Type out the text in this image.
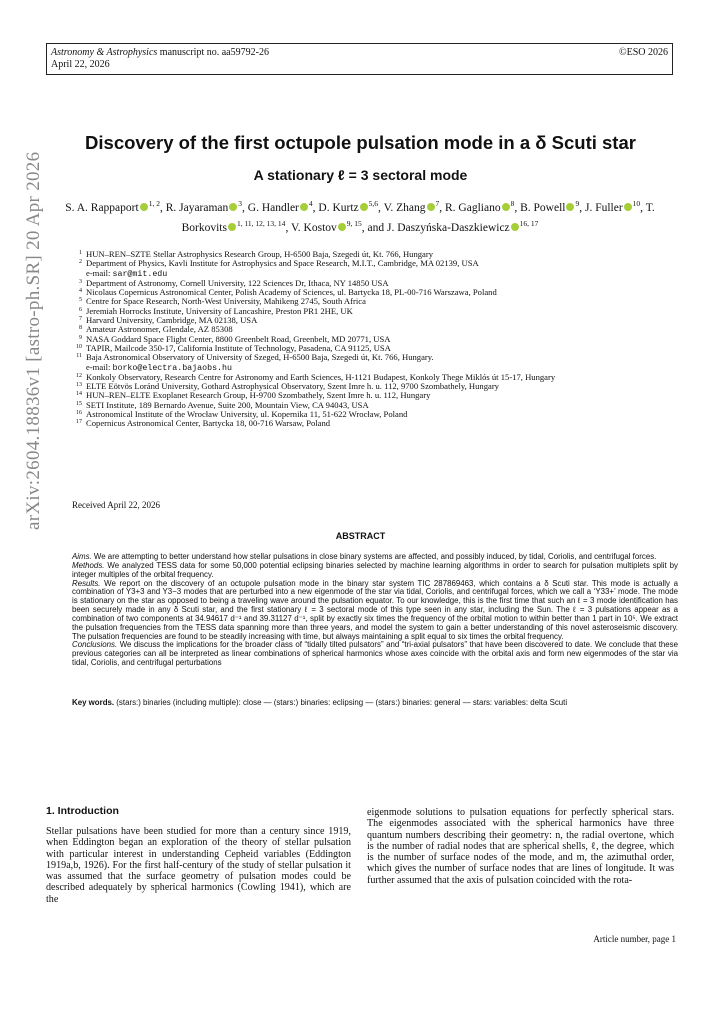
Astronomy & Astrophysics manuscript no. aa59792-26
April 22, 2026
©ESO 2026
arXiv:2604.18836v1 [astro-ph.SR] 20 Apr 2026
Discovery of the first octupole pulsation mode in a δ Scuti star
A stationary ℓ = 3 sectoral mode
S. A. Rappaport $^{1, 2}$, R. Jayaraman $^3$, G. Handler $^4$, D. Kurtz $^{5,6}$, V. Zhang $^7$, R. Gagliano $^8$, B. Powell $^9$, J. Fuller $^{10}$, T. Borkovits $^{1, 11, 12, 13, 14}$, V. Kostov $^{9, 15}$, and J. Daszyńska-Daszkiewicz $^{16, 17}$
1 HUN–REN–SZTE Stellar Astrophysics Research Group, H-6500 Baja, Szegedi út, Kt. 766, Hungary
2 Department of Physics, Kavli Institute for Astrophysics and Space Research, M.I.T., Cambridge, MA 02139, USA
e-mail: sar@mit.edu
3 Department of Astronomy, Cornell University, 122 Sciences Dr, Ithaca, NY 14850 USA
4 Nicolaus Copernicus Astronomical Center, Polish Academy of Sciences, ul. Bartycka 18, PL-00-716 Warszawa, Poland
5 Centre for Space Research, North-West University, Mahikeng 2745, South Africa
6 Jeremiah Horrocks Institute, University of Lancashire, Preston PR1 2HE, UK
7 Harvard University, Cambridge, MA 02138, USA
8 Amateur Astronomer, Glendale, AZ 85308
9 NASA Goddard Space Flight Center, 8800 Greenbelt Road, Greenbelt, MD 20771, USA
10 TAPIR, Mailcode 350-17, California Institute of Technology, Pasadena, CA 91125, USA
11 Baja Astronomical Observatory of University of Szeged, H-6500 Baja, Szegedi út, Kt. 766, Hungary.
e-mail: borko@electra.bajaobs.hu
12 Konkoly Observatory, Research Centre for Astronomy and Earth Sciences, H-1121 Budapest, Konkoly Thege Miklós út 15-17, Hungary
13 ELTE Eötvös Loránd University, Gothard Astrophysical Observatory, Szent Imre h. u. 112, 9700 Szombathely, Hungary
14 HUN–REN–ELTE Exoplanet Research Group, H-9700 Szombathely, Szent Imre h. u. 112, Hungary
15 SETI Institute, 189 Bernardo Avenue, Suite 200, Mountain View, CA 94043, USA
16 Astronomical Institute of the Wrocław University, ul. Kopernika 11, 51-622 Wrocław, Poland
17 Copernicus Astronomical Center, Bartycka 18, 00-716 Warsaw, Poland
Received April 22, 2026
ABSTRACT

Aims. We are attempting to better understand how stellar pulsations in close binary systems are affected, and possibly induced, by tidal, Coriolis, and centrifugal forces.

Methods. We analyzed TESS data for some 50,000 potential eclipsing binaries selected by machine learning algorithms in order to search for pulsation multiplets split by integer multiples of the orbital frequency.

Results. We report on the discovery of an octupole pulsation mode in the binary star system TIC 287869463, which contains a δ Scuti star. This mode is actually a combination of Y3+3 and Y3−3 modes that are perturbed into a new eigenmode of the star via tidal, Coriolis, and centrifugal forces, which we call a ‘Y33+’ mode. The mode is stationary on the star as opposed to being a traveling wave around the pulsation equator. To our knowledge, this is the first time that such an ℓ = 3 mode identification has been securely made in any δ Scuti star, and the first stationary ℓ = 3 sectoral mode of this type seen in any star, including the Sun. The ℓ = 3 pulsations appear as a combination of two components at 34.94617 d⁻¹ and 39.31127 d⁻¹, split by exactly six times the frequency of the orbital motion to within better than 1 part in 10⁵. We extract the pulsation frequencies from the TESS data spanning more than three years, and model the system to gain a better understanding of this novel asteroseismic discovery. The pulsation frequencies are found to be steadily increasing with time, but always maintaining a split equal to six times the orbital frequency.

Conclusions. We discuss the implications for the broader class of “tidally tilted pulsators” and “tri-axial pulsators” that have been discovered to date. We conclude that these previous categories can all be interpreted as linear combinations of spherical harmonics whose axes coincide with the orbital axis and form new eigenmodes of the star via tidal, Coriolis, and centrifugal perturbations

Key words. (stars:) binaries (including multiple): close — (stars:) binaries: eclipsing — (stars:) binaries: general — stars: variables: delta Scuti
1. Introduction
Stellar pulsations have been studied for more than a century since 1919, when Eddington began an exploration of the theory of stellar pulsation with particular interest in understanding Cepheid variables (Eddington 1919a,b, 1926). For the first half-century of the study of stellar pulsation it was assumed that the surface geometry of pulsation modes could be described adequately by spherical harmonics (Cowling 1941), which are the
eigenmode solutions to pulsation equations for perfectly spherical stars. The eigenmodes associated with the spherical harmonics have three quantum numbers describing their geometry: n, the radial overtone, which is the number of radial nodes that are spherical shells, ℓ, the degree, which is the number of surface nodes of the mode, and m, the azimuthal order, which gives the number of surface nodes that are lines of longitude. It was further assumed that the axis of pulsation coincided with the rota-
Article number, page 1
